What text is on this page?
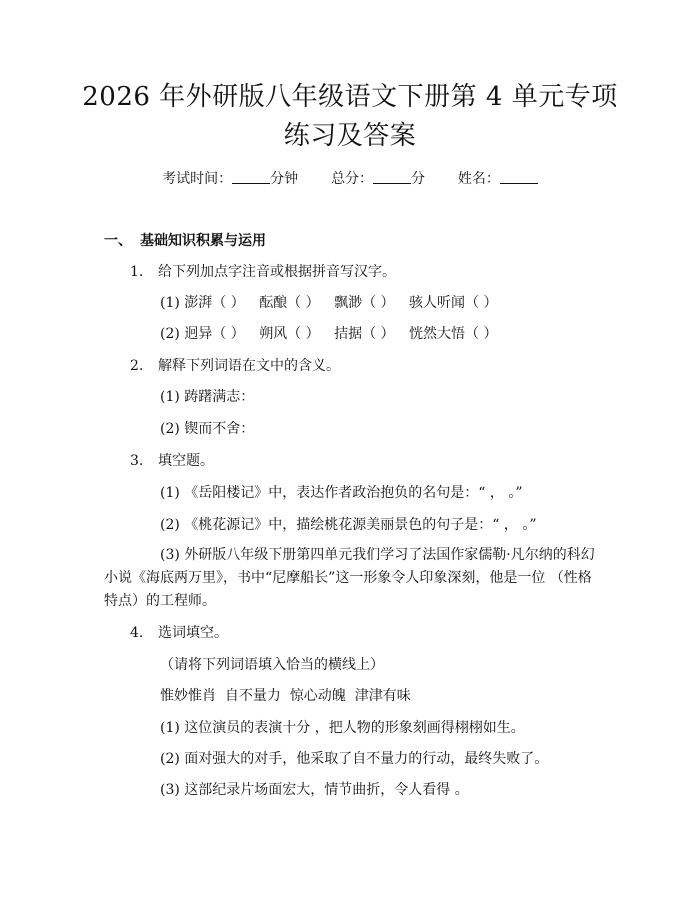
2026 年外研版八年级语文下册第 4 单元专项
练习及答案
考试时间：	分钟 总分：	分 姓名：
一、 基础知识积累与运用
1. 给下列加点字注音或根据拼音写汉字。
(1) 澎湃（ ） 酝酿（ ） 飘渺（ ） 骇人听闻（ ）
(2) 迥异（ ） 朔风（ ） 拮据（ ） 恍然大悟（ ）
2. 解释下列词语在文中的含义。
(1) 踌躇满志：
(2) 锲而不舍：
3. 填空题。
(1) 《岳阳楼记》中，表达作者政治抱负的名句是：“ ， 。”
(2) 《桃花源记》中，描绘桃花源美丽景色的句子是：“ ， 。”
(3) 外研版八年级下册第四单元我们学习了法国作家儒勒·凡尔纳的科幻小说《海底两万里》，书中“尼摩船长”这一形象令人印象深刻，他是一位 （性格特点）的工程师。
4. 选词填空。
（请将下列词语填入恰当的横线上）
惟妙惟肖  自不量力  惊心动魄  津津有味
(1) 这位演员的表演十分 ，把人物的形象刻画得栩栩如生。
(2) 面对强大的对手，他采取了自不量力的行动，最终失败了。
(3) 这部纪录片场面宏大，情节曲折，令人看得 。
